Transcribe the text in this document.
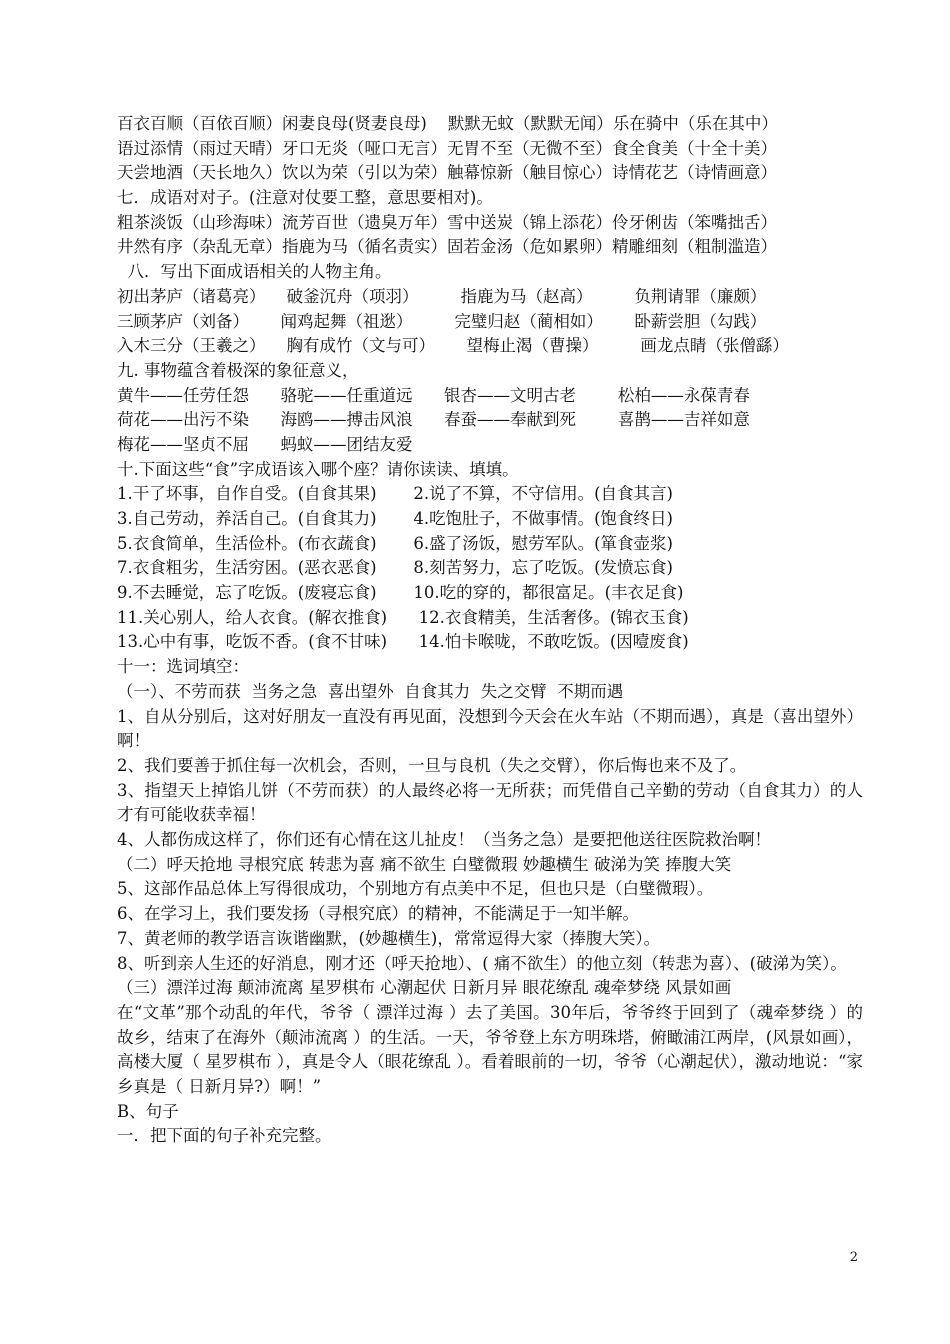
百衣百顺（百依百顺）闲妻良母(贤妻良母)    默默无蚊（默默无闻）乐在骑中（乐在其中）
语过添情（雨过天晴）牙口无炎（哑口无言）无胃不至（无微不至）食全食美（十全十美）
天尝地酒（天长地久）饮以为荣（引以为荣）触幕惊新（触目惊心）诗情花艺（诗情画意）
七．成语对对子。(注意对仗要工整，意思要相对)。
粗茶淡饭（山珍海味）流芳百世（遗臭万年）雪中送炭（锦上添花）伶牙俐齿（笨嘴拙舌）
井然有序（杂乱无章）指鹿为马（循名责实）固若金汤（危如累卵）精雕细刻（粗制滥造）
八．写出下面成语相关的人物主角。
初出茅庐（诸葛亮）    破釜沉舟（项羽）        指鹿为马（赵高）        负荆请罪（廉颇）
三顾茅庐（刘备）      闻鸡起舞（祖逖）        完璧归赵（蔺相如）      卧薪尝胆（勾践）
入木三分（王羲之）    胸有成竹（文与可）      望梅止渴（曹操）        画龙点睛（张僧繇）
九. 事物蕴含着极深的象征意义，
黄牛——任劳任怨      骆驼——任重道远      银杏——文明古老        松柏——永葆青春
荷花——出污不染      海鸥——搏击风浪      春蚕——奉献到死        喜鹊——吉祥如意
梅花——坚贞不屈      蚂蚁——团结友爱
十.下面这些“食”字成语该入哪个座？请你读读、填填。
1.干了坏事，自作自受。(自食其果)       2.说了不算，不守信用。(自食其言)
3.自己劳动，养活自己。(自食其力)       4.吃饱肚子，不做事情。(饱食终日)
5.衣食简单，生活俭朴。(布衣蔬食)       6.盛了汤饭，慰劳军队。(箪食壶浆)
7.衣食粗劣，生活穷困。(恶衣恶食)       8.刻苦努力，忘了吃饭。(发愤忘食)
9.不去睡觉，忘了吃饭。(废寝忘食)       10.吃的穿的，都很富足。(丰衣足食)
11.关心别人，给人衣食。(解衣推食)      12.衣食精美，生活奢侈。(锦衣玉食)
13.心中有事，吃饭不香。(食不甘味)      14.怕卡喉咙，不敢吃饭。(因噎废食)
十一：选词填空：
（一）、不劳而获  当务之急  喜出望外  自食其力  失之交臂  不期而遇
1、自从分别后，这对好朋友一直没有再见面，没想到今天会在火车站（不期而遇），真是（喜出望外）啊！
2、我们要善于抓住每一次机会，否则，一旦与良机（失之交臂），你后悔也来不及了。
3、指望天上掉馅儿饼（不劳而获）的人最终必将一无所获；而凭借自己辛勤的劳动（自食其力）的人才有可能收获幸福！
4、人都伤成这样了，你们还有心情在这儿扯皮！（当务之急）是要把他送往医院救治啊！
（二）呼天抢地 寻根究底 转悲为喜 痛不欲生 白璧微瑕 妙趣横生 破涕为笑 捧腹大笑
5、这部作品总体上写得很成功，个别地方有点美中不足，但也只是（白璧微瑕）。
6、在学习上，我们要发扬（寻根究底）的精神，不能满足于一知半解。
7、黄老师的教学语言诙谐幽默，(妙趣横生)，常常逗得大家（捧腹大笑）。
8、听到亲人生还的好消息，刚才还（呼天抢地）、( 痛不欲生）的他立刻（转悲为喜）、(破涕为笑）。
（三）漂洋过海 颠沛流离 星罗棋布 心潮起伏 日新月异 眼花缭乱 魂牵梦绕 风景如画
在“文革”那个动乱的年代，爷爷（ 漂洋过海 ）去了美国。30年后，爷爷终于回到了（魂牵梦绕 ）的故乡，结束了在海外（颠沛流离 ）的生活。一天，爷爷登上东方明珠塔，俯瞰浦江两岸，(风景如画），高楼大厦（ 星罗棋布 ），真是令人（眼花缭乱 ）。看着眼前的一切，爷爷（心潮起伏），激动地说：“家乡真是（ 日新月异?）啊！”
B、句子
一．把下面的句子补充完整。
2
